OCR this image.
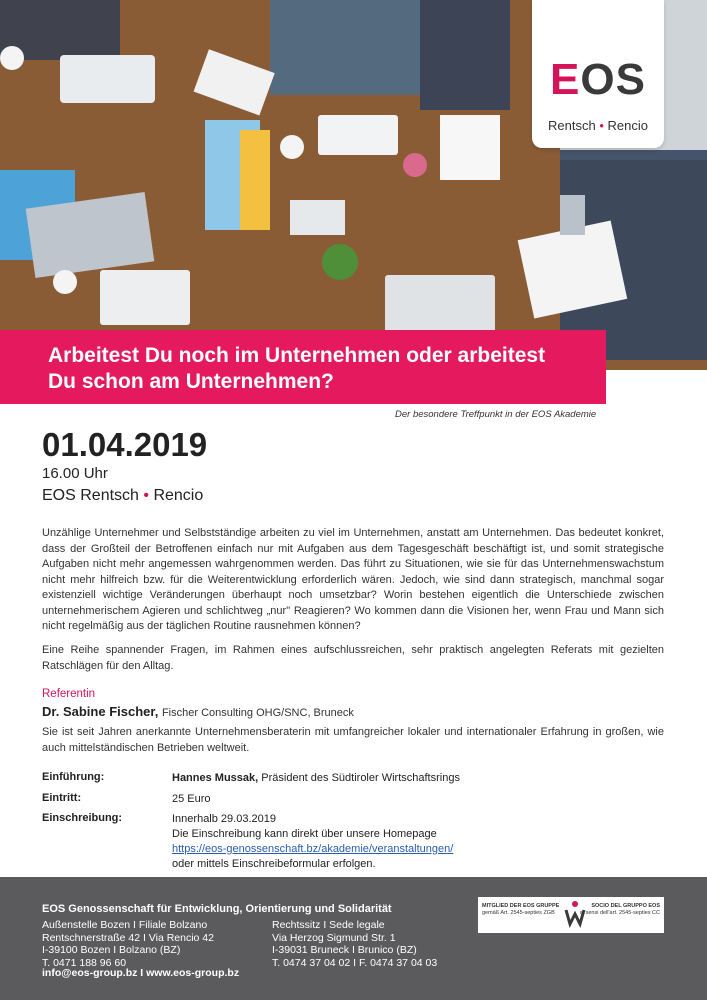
EOS
Rentsch • Rencio
Arbeitest Du noch im Unternehmen oder arbeitest
Du schon am Unternehmen?
Der besondere Treffpunkt in der EOS Akademie
01.04.2019
16.00 Uhr
EOS Rentsch • Rencio

Unzählige Unternehmer und Selbstständige arbeiten zu viel im Unternehmen, anstatt am Unternehmen. Das bedeutet konkret, dass der Großteil der Betroffenen einfach nur mit Aufgaben aus dem Tagesgeschäft beschäftigt ist, und somit strategische Aufgaben nicht mehr angemessen wahrgenommen werden. Das führt zu Situationen, wie sie für das Unternehmenswachstum nicht mehr hilfreich bzw. für die Weiterentwicklung erforderlich wären. Jedoch, wie sind dann strategisch, manchmal sogar existenziell wichtige Veränderungen überhaupt noch umsetzbar? Worin bestehen eigentlich die Unterschiede zwischen unternehmerischem Agieren und schlichtweg „nur" Reagieren? Wo kommen dann die Visionen her, wenn Frau und Mann sich nicht regelmäßig aus der täglichen Routine rausnehmen können?

Eine Reihe spannender Fragen, im Rahmen eines aufschlussreichen, sehr praktisch angelegten Referats mit gezielten Ratschlägen für den Alltag.

Referentin
Dr. Sabine Fischer, Fischer Consulting OHG/SNC, Bruneck

Sie ist seit Jahren anerkannte Unternehmensberaterin mit umfangreicher lokaler und internationaler Erfahrung in großen, wie auch mittelständischen Betrieben weltweit.

Einführung:	Hannes Mussak, Präsident des Südtiroler Wirtschaftsrings
Eintritt:	25 Euro
Einschreibung:	Innerhalb 29.03.2019
Die Einschreibung kann direkt über unsere Homepage
https://eos-genossenschaft.bz/akademie/veranstaltungen/
oder mittels Einschreibeformular erfolgen.
EOS Genossenschaft für Entwicklung, Orientierung und Solidarität
Außenstelle Bozen I Filiale Bolzano
Rentschnerstraße 42 I Via Rencio 42
I-39100 Bozen I Bolzano (BZ)
T. 0471 188 96 60
Rechtssitz I Sede legale
Via Herzog Sigmund Str. 1
I-39031 Bruneck I Brunico (BZ)
T. 0474 37 04 02 I F. 0474 37 04 03
info@eos-group.bz I www.eos-group.bz
MITGLIED DER EOS GRUPPE
gemäß Art. 2545-septies ZGB
SOCIO DEL GRUPPO EOS
ai sensi dell'art. 2545-septies CC
